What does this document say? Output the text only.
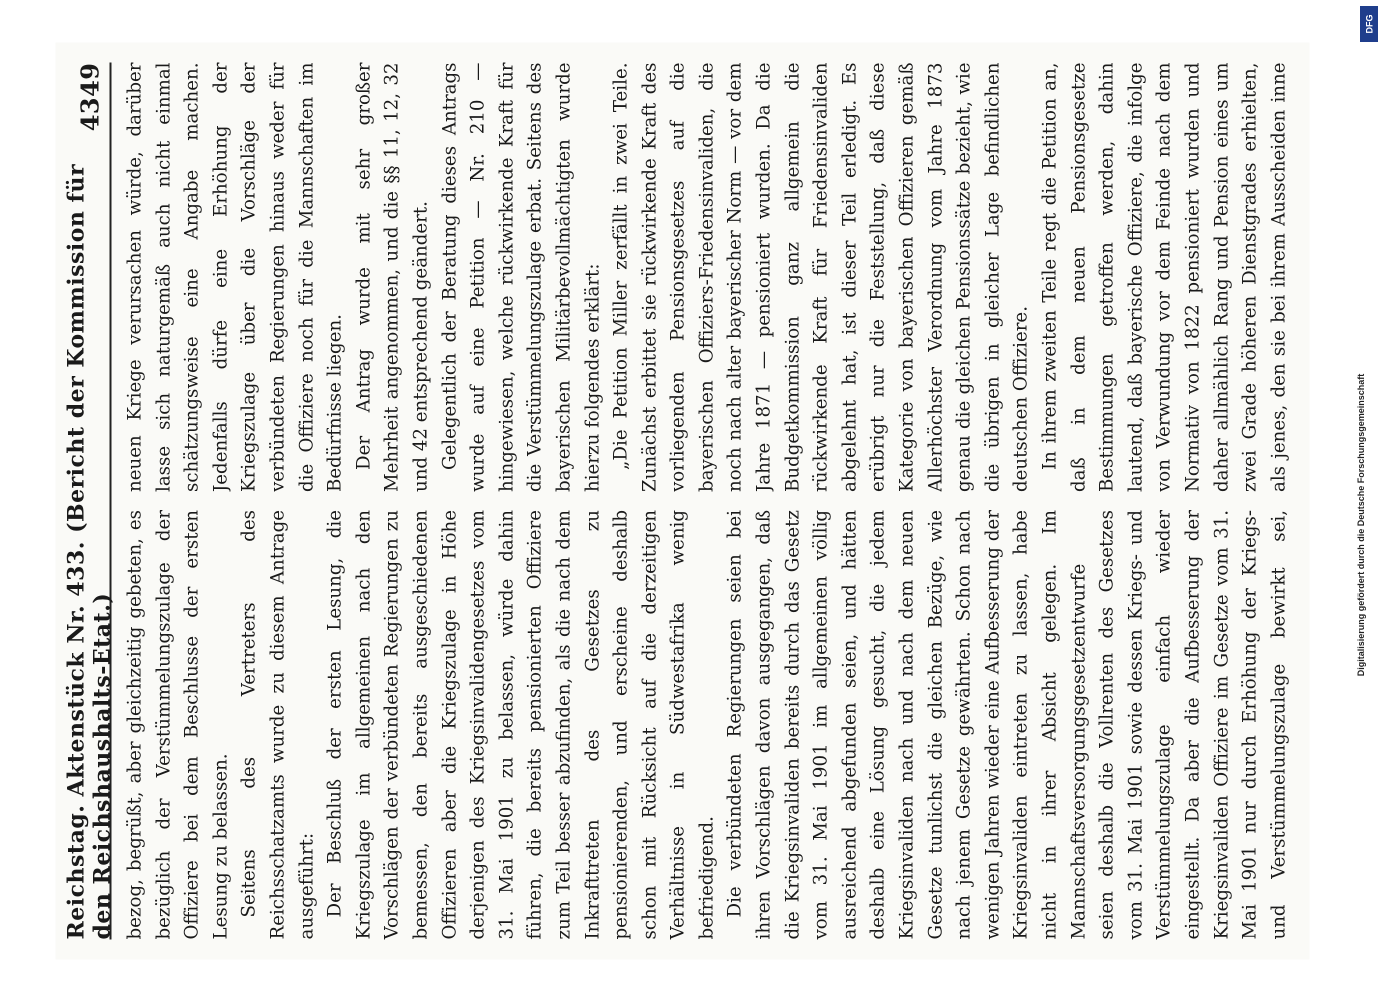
Reichstag. Aktenstück Nr. 433. (Bericht der Kommission für den Reichshaushalts-Etat.)
4349

bezog, begrüßt, aber gleichzeitig gebeten, es bezüglich der Verstümmelungszulage der Offiziere bei dem Beschlusse der ersten Lesung zu belassen. Seitens des Vertreters des Reichsschatzamts wurde zu diesem Antrage ausgeführt: Der Beschluß der ersten Lesung, die Kriegszulage im allgemeinen nach den Vorschlägen der verbündeten Regierungen zu bemessen, den bereits ausgeschiedenen Offizieren aber die Kriegszulage in Höhe derjenigen des Kriegsinvalidengesetzes vom 31. Mai 1901 zu belassen, würde dahin führen, die bereits pensionierten Offiziere zum Teil besser abzufinden, als die nach dem Inkrafttreten des Gesetzes zu pensionierenden, und erscheine deshalb schon mit Rücksicht auf die derzeitigen Verhältnisse in Südwestafrika wenig befriedigend. Die verbündeten Regierungen seien bei ihren Vorschlägen davon ausgegangen, daß die Kriegsinvaliden bereits durch das Gesetz vom 31. Mai 1901 im allgemeinen völlig ausreichend abgefunden seien, und hätten deshalb eine Lösung gesucht, die jedem Kriegsinvaliden nach und nach dem neuen Gesetze tunlichst die gleichen Bezüge, wie nach jenem Gesetze gewährten. Schon nach wenigen Jahren wieder eine Aufbesserung der Kriegsinvaliden eintreten zu lassen, habe nicht in ihrer Absicht gelegen. Im Mannschaftsversorgungsgesetzentwurfe seien deshalb die Vollrenten des Gesetzes vom 31. Mai 1901 sowie dessen Kriegs- und Verstümmelungszulage einfach wieder eingestellt. Da aber die Aufbesserung der Kriegsinvaliden Offiziere im Gesetze vom 31. Mai 1901 nur durch Erhöhung der Kriegs- und Verstümmelungszulage bewirkt sei,

neuen Kriege verursachen würde, darüber lasse sich naturgemäß auch nicht einmal schätzungsweise eine Angabe machen. Jedenfalls dürfe eine Erhöhung der Kriegszulage über die Vorschläge der verbündeten Regierungen hinaus weder für die Offiziere noch für die Mannschaften im Bedürfnisse liegen. Der Antrag wurde mit sehr großer Mehrheit angenommen, und die §§ 11, 12, 32 und 42 entsprechend geändert. Gelegentlich der Beratung dieses Antrags wurde auf eine Petition — Nr. 210 — hingewiesen, welche rückwirkende Kraft für die Verstümmelungszulage erbat. Seitens des bayerischen Militärbevollmächtigten wurde hierzu folgendes erklärt: „Die Petition Miller zerfällt in zwei Teile. Zunächst erbittet sie rückwirkende Kraft des vorliegenden Pensionsgesetzes auf die bayerischen Offiziers-Friedensinvaliden, die noch nach alter bayerischer Norm — vor dem Jahre 1871 — pensioniert wurden. Da die Budgetkommission ganz allgemein die rückwirkende Kraft für Friedensinvaliden abgelehnt hat, ist dieser Teil erledigt. Es erübrigt nur die Feststellung, daß diese Kategorie von bayerischen Offizieren gemäß Allerhöchster Verordnung vom Jahre 1873 genau die gleichen Pensionssätze bezieht, wie die übrigen in gleicher Lage befindlichen deutschen Offiziere. In ihrem zweiten Teile regt die Petition an, daß in dem neuen Pensionsgesetze Bestimmungen getroffen werden, dahin lautend, daß bayerische Offiziere, die infolge von Verwundung vor dem Feinde nach dem Normativ von 1822 pensioniert wurden und daher allmählich Rang und Pension eines um zwei Grade höheren Dienstgrades erhielten, als jenes, den sie bei ihrem Ausscheiden inne

DFG
Digitalisierung gefördert durch die Deutsche Forschungsgemeinschaft
